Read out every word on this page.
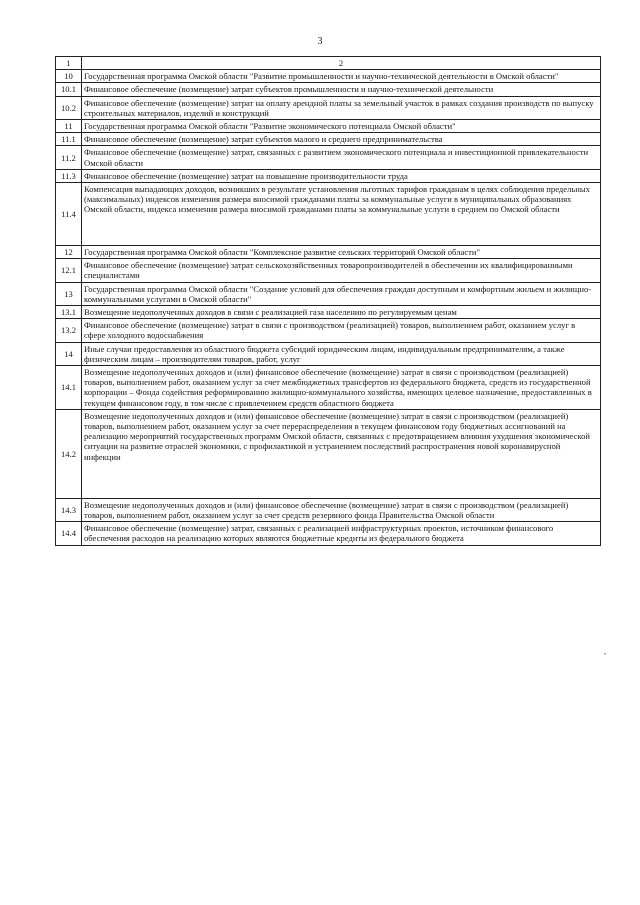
3
1	2
10	Государственная программа Омской области "Развитие промышленности и научно-технической деятельности в Омской области"
10.1	Финансовое обеспечение (возмещение) затрат субъектов промышленности и научно-технической деятельности
10.2	Финансовое обеспечение (возмещение) затрат на оплату арендной платы за земельный участок в рамках создания производств по выпуску строительных материалов, изделий и конструкций
11	Государственная программа Омской области "Развитие экономического потенциала Омской области"
11.1	Финансовое обеспечение (возмещение) затрат субъектов малого и среднего предпринимательства
11.2	Финансовое обеспечение (возмещение) затрат, связанных с развитием экономического потенциала и инвестиционной привлекательности Омской области
11.3	Финансовое обеспечение (возмещение) затрат на повышение производительности труда
11.4	Компенсация выпадающих доходов, возникших в результате установления льготных тарифов гражданам в целях соблюдения предельных (максимальных) индексов изменения размера вносимой гражданами платы за коммунальные услуги в муниципальных образованиях Омской области, индекса изменения размера вносимой гражданами платы за коммунальные услуги в среднем по Омской области
12	Государственная программа Омской области "Комплексное развитие сельских территорий Омской области"
12.1	Финансовое обеспечение (возмещение) затрат сельскохозяйственных товаропроизводителей в обеспечении их квалифицированными специалистами
13	Государственная программа Омской области "Создание условий для обеспечения граждан доступным и комфортным жильем и жилищно-коммунальными услугами в Омской области"
13.1	Возмещение недополученных доходов в связи с реализацией газа населению по регулируемым ценам
13.2	Финансовое обеспечение (возмещение) затрат в связи с производством (реализацией) товаров, выполнением работ, оказанием услуг в сфере холодного водоснабжения
14	Иные случаи предоставления из областного бюджета субсидий юридическим лицам, индивидуальным предпринимателям, а также физическим лицам – производителям товаров, работ, услуг
14.1	Возмещение недополученных доходов и (или) финансовое обеспечение (возмещение) затрат в связи с производством (реализацией) товаров, выполнением работ, оказанием услуг за счет межбюджетных трансфертов из федерального бюджета, средств из государственной корпорации – Фонда содействия реформированию жилищно-коммунального хозяйства, имеющих целевое назначение, предоставленных в текущем финансовом году, в том числе с привлечением средств областного бюджета
14.2	Возмещение недополученных доходов и (или) финансовое обеспечение (возмещение) затрат в связи с производством (реализацией) товаров, выполнением работ, оказанием услуг за счет перераспределения в текущем финансовом году бюджетных ассигнований на реализацию мероприятий государственных программ Омской области, связанных с предотвращением влияния ухудшения экономической ситуации на развитие отраслей экономики, с профилактикой и устранением последствий распространения новой коронавирусной инфекции
14.3	Возмещение недополученных доходов и (или) финансовое обеспечение (возмещение) затрат в связи с производством (реализацией) товаров, выполнением работ, оказанием услуг за счет средств резервного фонда Правительства Омской области
14.4	Финансовое обеспечение (возмещение) затрат, связанных с реализацией инфраструктурных проектов, источником финансового обеспечения расходов на реализацию которых являются бюджетные кредиты из федерального бюджета
•
